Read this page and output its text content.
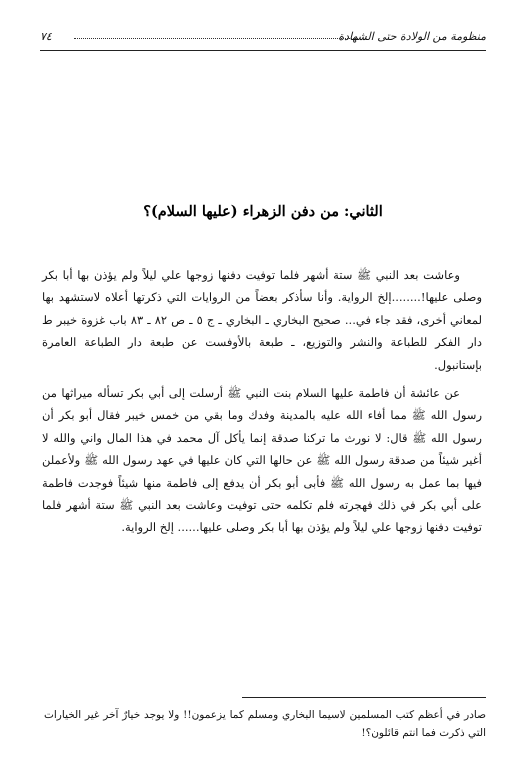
منظومة من الولادة حتى الشهادة
٧٤
الثاني: من دفن الزهراء (عليها السلام)؟

وعاشت بعد النبي ﷺ ستة أشهر فلما توفيت دفنها زوجها علي ليلاً ولم يؤذن بها أبا بكر وصلى عليها!........إلخ الرواية. وأنا سأذكر بعضاً من الروايات التي ذكرتها أعلاه لاستشهد بها لمعاني أخرى، فقد جاء في... صحيح البخاري ـ البخاري ـ ج ٥ ـ ص ٨٢ ـ ٨٣ باب غزوة خيبر ط دار الفكر للطباعة والنشر والتوزيع، ـ طبعة بالأوفست عن طبعة دار الطباعة العامرة بإستانبول.

عن عائشة أن فاطمة عليها السلام بنت النبي ﷺ أرسلت إلى أبي بكر تسأله ميراثها من رسول الله ﷺ مما أفاء الله عليه بالمدينة وفدك وما بقي من خمس خيبر فقال أبو بكر أن رسول الله ﷺ قال: لا نورث ما تركنا صدقة إنما يأكل آل محمد في هذا المال واني والله لا أغير شيئاً من صدقة رسول الله ﷺ عن حالها التي كان عليها في عهد رسول الله ﷺ ولأعملن فيها بما عمل به رسول الله ﷺ فأبى أبو بكر أن يدفع إلى فاطمة منها شيئاً فوجدت فاطمة على أبي بكر في ذلك فهجرته فلم تكلمه حتى توفيت وعاشت بعد النبي ﷺ ستة أشهر فلما توفيت دفنها زوجها علي ليلاً ولم يؤذن بها أبا بكر وصلى عليها...... إلخ الرواية.

صادر في أعظم كتب المسلمين لاسيما البخاري ومسلم كما يزعمون!! ولا يوجد خيارٌ آخر غير الخيارات التي ذكرت فما انتم قائلون؟!
